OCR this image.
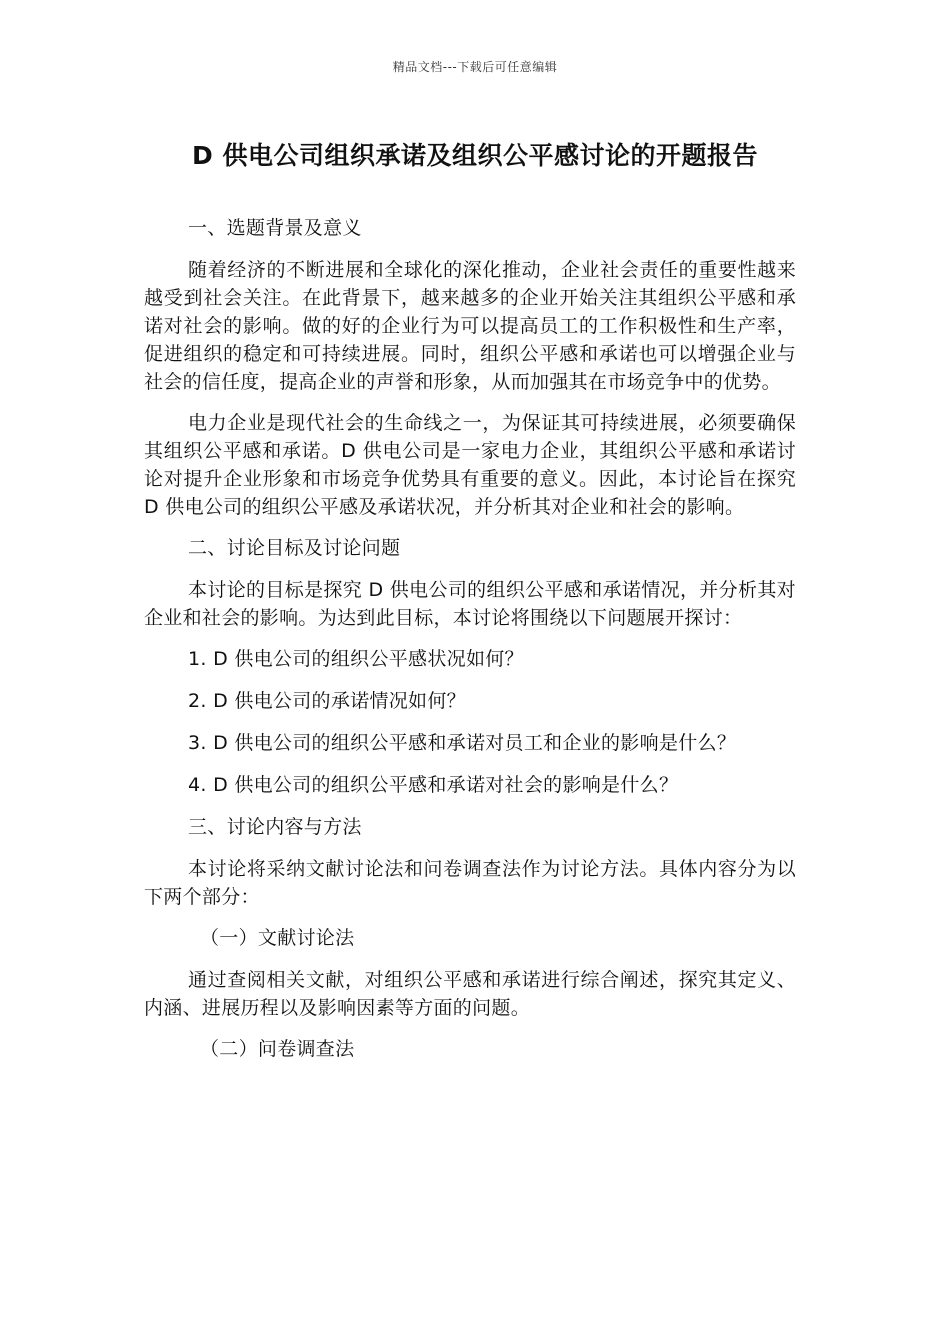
精品文档---下载后可任意编辑
D 供电公司组织承诺及组织公平感讨论的开题报告

一、选题背景及意义

随着经济的不断进展和全球化的深化推动，企业社会责任的重要性越来越受到社会关注。在此背景下，越来越多的企业开始关注其组织公平感和承诺对社会的影响。做的好的企业行为可以提高员工的工作积极性和生产率，促进组织的稳定和可持续进展。同时，组织公平感和承诺也可以增强企业与社会的信任度，提高企业的声誉和形象，从而加强其在市场竞争中的优势。

电力企业是现代社会的生命线之一，为保证其可持续进展，必须要确保其组织公平感和承诺。D 供电公司是一家电力企业，其组织公平感和承诺讨论对提升企业形象和市场竞争优势具有重要的意义。因此，本讨论旨在探究 D 供电公司的组织公平感及承诺状况，并分析其对企业和社会的影响。

二、讨论目标及讨论问题

本讨论的目标是探究 D 供电公司的组织公平感和承诺情况，并分析其对企业和社会的影响。为达到此目标，本讨论将围绕以下问题展开探讨：

1. D 供电公司的组织公平感状况如何？

2. D 供电公司的承诺情况如何？

3. D 供电公司的组织公平感和承诺对员工和企业的影响是什么？

4. D 供电公司的组织公平感和承诺对社会的影响是什么？

三、讨论内容与方法

本讨论将采纳文献讨论法和问卷调查法作为讨论方法。具体内容分为以下两个部分：

（一）文献讨论法

通过查阅相关文献，对组织公平感和承诺进行综合阐述，探究其定义、内涵、进展历程以及影响因素等方面的问题。

（二）问卷调查法
